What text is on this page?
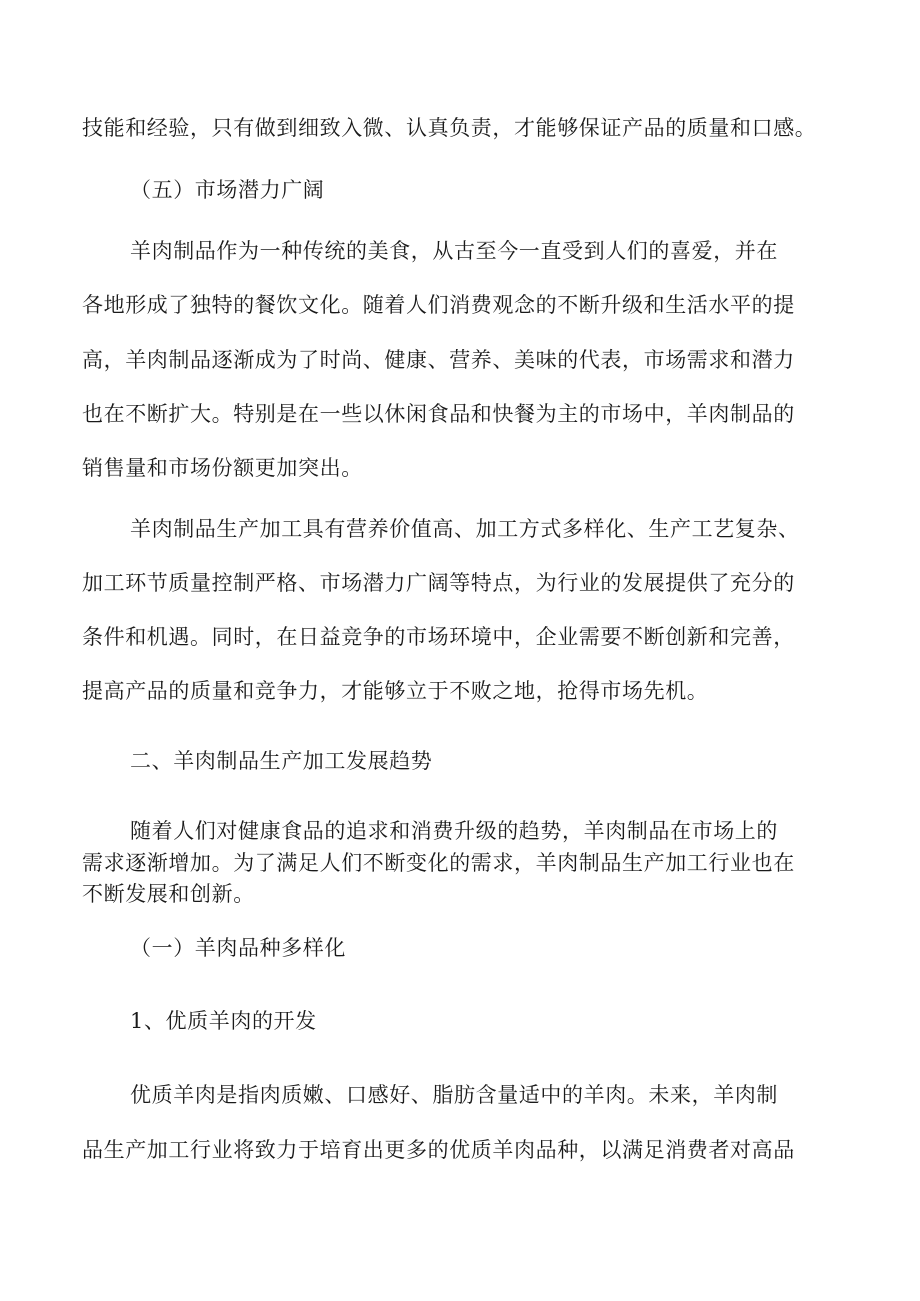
技能和经验，只有做到细致入微、认真负责，才能够保证产品的质量和口感。
（五）市场潜力广阔
羊肉制品作为一种传统的美食，从古至今一直受到人们的喜爱，并在
各地形成了独特的餐饮文化。随着人们消费观念的不断升级和生活水平的提
高，羊肉制品逐渐成为了时尚、健康、营养、美味的代表，市场需求和潜力
也在不断扩大。特别是在一些以休闲食品和快餐为主的市场中，羊肉制品的
销售量和市场份额更加突出。
羊肉制品生产加工具有营养价值高、加工方式多样化、生产工艺复杂、
加工环节质量控制严格、市场潜力广阔等特点，为行业的发展提供了充分的
条件和机遇。同时，在日益竞争的市场环境中，企业需要不断创新和完善，
提高产品的质量和竞争力，才能够立于不败之地，抢得市场先机。
二、羊肉制品生产加工发展趋势
随着人们对健康食品的追求和消费升级的趋势，羊肉制品在市场上的
需求逐渐增加。为了满足人们不断变化的需求，羊肉制品生产加工行业也在
不断发展和创新。
（一）羊肉品种多样化
1、优质羊肉的开发
优质羊肉是指肉质嫩、口感好、脂肪含量适中的羊肉。未来，羊肉制
品生产加工行业将致力于培育出更多的优质羊肉品种，以满足消费者对高品
